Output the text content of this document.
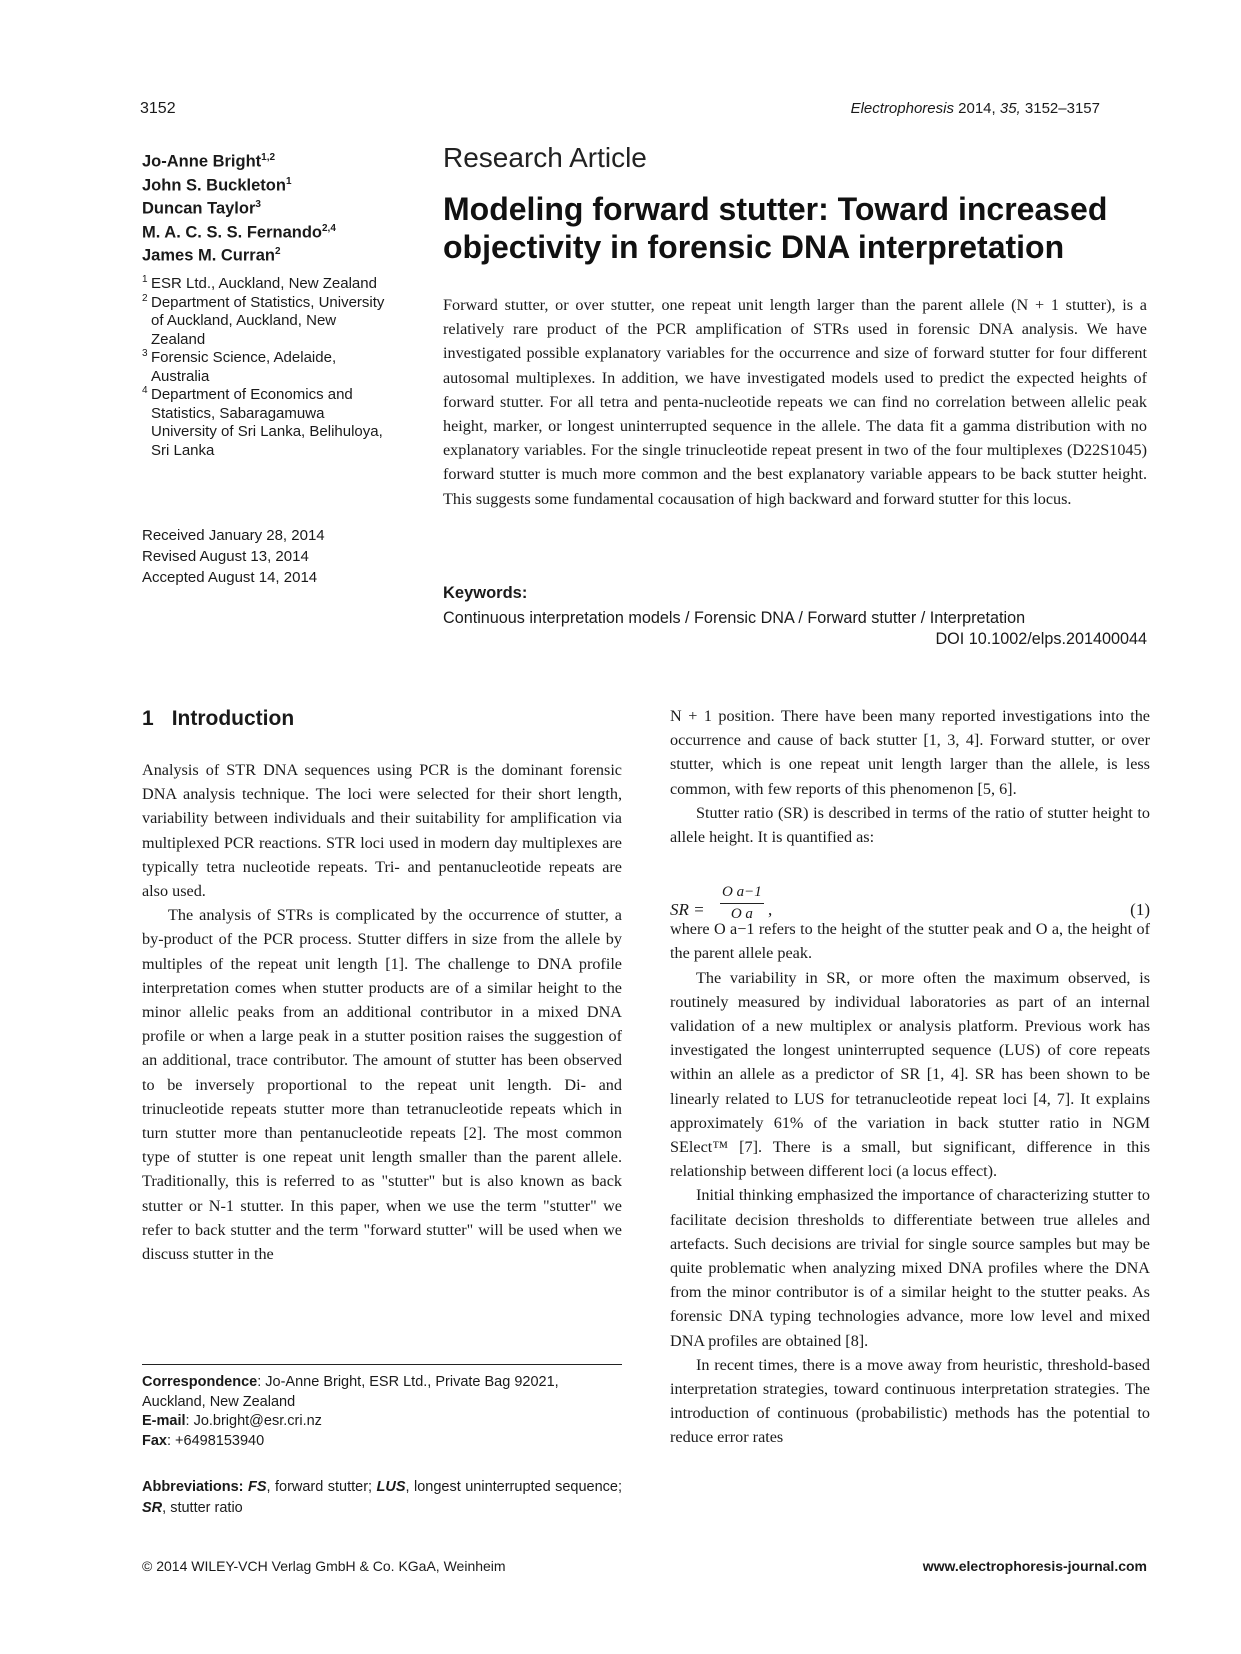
3152	Electrophoresis 2014, 35, 3152–3157
Jo-Anne Bright$^{1,2}$
John S. Buckleton$^1$
Duncan Taylor$^3$
M. A. C. S. S. Fernando$^{2,4}$
James M. Curran$^2$
1 ESR Ltd., Auckland, New Zealand
2 Department of Statistics, University of Auckland, Auckland, New Zealand
3 Forensic Science, Adelaide, Australia
4 Department of Economics and Statistics, Sabaragamuwa University of Sri Lanka, Belihuloya, Sri Lanka
Received January 28, 2014
Revised August 13, 2014
Accepted August 14, 2014
Research Article
Modeling forward stutter: Toward increased objectivity in forensic DNA interpretation
Forward stutter, or over stutter, one repeat unit length larger than the parent allele (N + 1 stutter), is a relatively rare product of the PCR amplification of STRs used in forensic DNA analysis. We have investigated possible explanatory variables for the occurrence and size of forward stutter for four different autosomal multiplexes. In addition, we have investigated models used to predict the expected heights of forward stutter. For all tetra and penta-nucleotide repeats we can find no correlation between allelic peak height, marker, or longest uninterrupted sequence in the allele. The data fit a gamma distribution with no explanatory variables. For the single trinucleotide repeat present in two of the four multiplexes (D22S1045) forward stutter is much more common and the best explanatory variable appears to be back stutter height. This suggests some fundamental cocausation of high backward and forward stutter for this locus.
Keywords:
Continuous interpretation models / Forensic DNA / Forward stutter / Interpretation
DOI 10.1002/elps.201400044
1 Introduction

Analysis of STR DNA sequences using PCR is the dominant forensic DNA analysis technique. The loci were selected for their short length, variability between individuals and their suitability for amplification via multiplexed PCR reactions. STR loci used in modern day multiplexes are typically tetra nucleotide repeats. Tri- and pentanucleotide repeats are also used.

The analysis of STRs is complicated by the occurrence of stutter, a by-product of the PCR process. Stutter differs in size from the allele by multiples of the repeat unit length [1]. The challenge to DNA profile interpretation comes when stutter products are of a similar height to the minor allelic peaks from an additional contributor in a mixed DNA profile or when a large peak in a stutter position raises the suggestion of an additional, trace contributor. The amount of stutter has been observed to be inversely proportional to the repeat unit length. Di- and trinucleotide repeats stutter more than tetranucleotide repeats which in turn stutter more than pentanucleotide repeats [2]. The most common type of stutter is one repeat unit length smaller than the parent allele. Traditionally, this is referred to as "stutter" but is also known as back stutter or N-1 stutter. In this paper, when we use the term "stutter" we refer to back stutter and the term "forward stutter" will be used when we discuss stutter in the

N + 1 position. There have been many reported investigations into the occurrence and cause of back stutter [1, 3, 4]. Forward stutter, or over stutter, which is one repeat unit length larger than the allele, is less common, with few reports of this phenomenon [5, 6].

Stutter ratio (SR) is described in terms of the ratio of stutter height to allele height. It is quantified as:

where O a−1 refers to the height of the stutter peak and O a, the height of the parent allele peak.

The variability in SR, or more often the maximum observed, is routinely measured by individual laboratories as part of an internal validation of a new multiplex or analysis platform. Previous work has investigated the longest uninterrupted sequence (LUS) of core repeats within an allele as a predictor of SR [1, 4]. SR has been shown to be linearly related to LUS for tetranucleotide repeat loci [4, 7]. It explains approximately 61% of the variation in back stutter ratio in NGM SElect™ [7]. There is a small, but significant, difference in this relationship between different loci (a locus effect).

Initial thinking emphasized the importance of characterizing stutter to facilitate decision thresholds to differentiate between true alleles and artefacts. Such decisions are trivial for single source samples but may be quite problematic when analyzing mixed DNA profiles where the DNA from the minor contributor is of a similar height to the stutter peaks. As forensic DNA typing technologies advance, more low level and mixed DNA profiles are obtained [8].

In recent times, there is a move away from heuristic, threshold-based interpretation strategies, toward continuous interpretation strategies. The introduction of continuous (probabilistic) methods has the potential to reduce error rates

SR =
O a−1
O a ,	(1)
Correspondence: Jo-Anne Bright, ESR Ltd., Private Bag 92021, Auckland, New Zealand
E-mail: Jo.bright@esr.cri.nz
Fax: +6498153940
Abbreviations: FS, forward stutter; LUS, longest uninterrupted sequence; SR, stutter ratio
© 2014 WILEY-VCH Verlag GmbH & Co. KGaA, Weinheim	www.electrophoresis-journal.com
